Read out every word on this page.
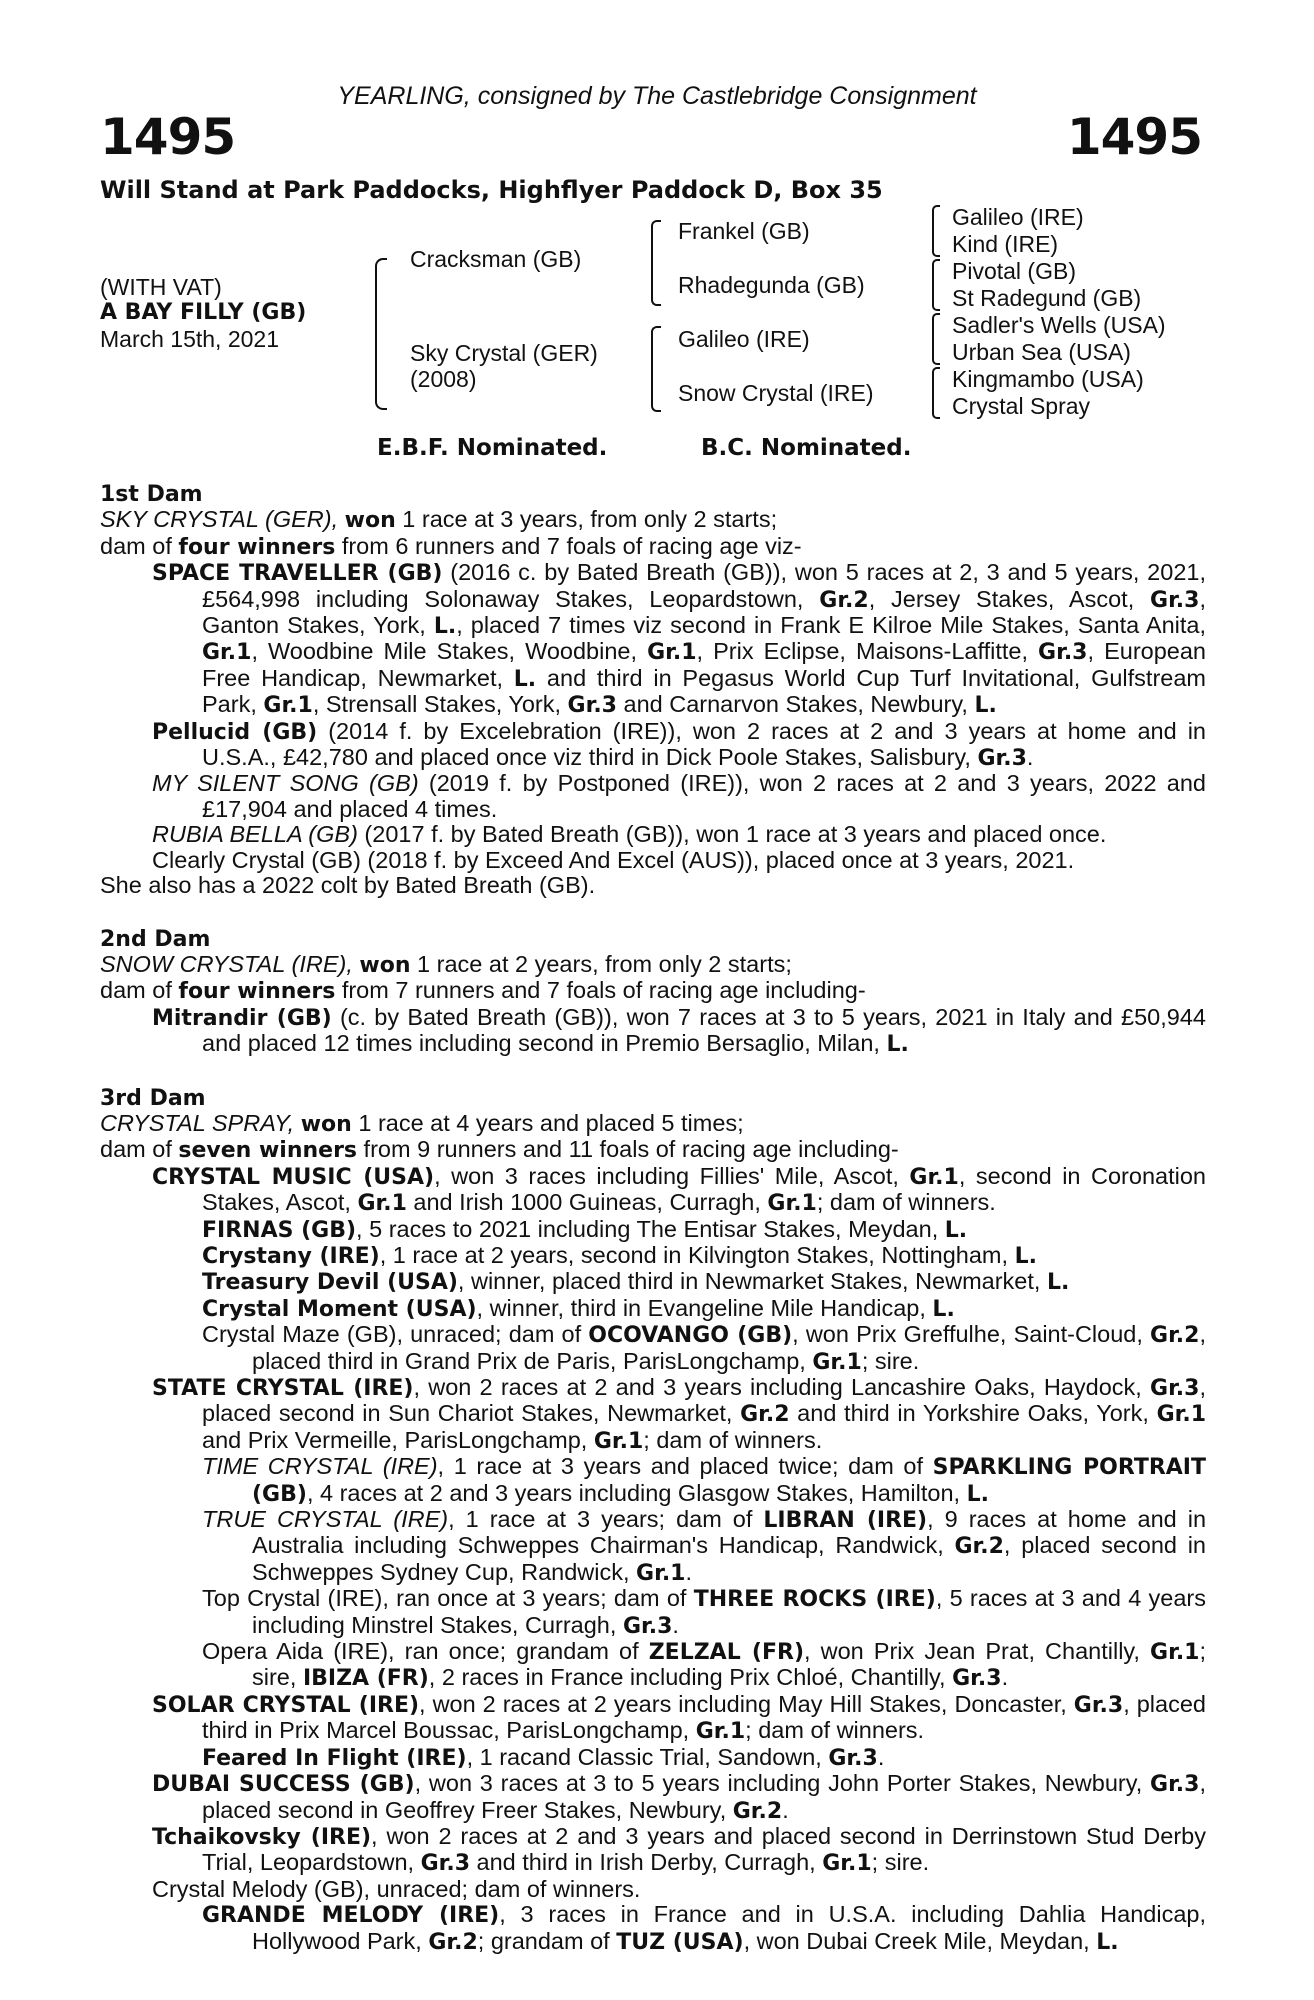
YEARLING, consigned by The Castlebridge Consignment
1495	1495
Will Stand at Park Paddocks, Highflyer Paddock D, Box 35
(WITH VAT)
A BAY FILLY (GB)
March 15th, 2021
Cracksman (GB)
Sky Crystal (GER)
(2008)
Frankel (GB)
Rhadegunda (GB)
Galileo (IRE)
Snow Crystal (IRE)
Galileo (IRE)
Kind (IRE)
Pivotal (GB)
St Radegund (GB)
Sadler's Wells (USA)
Urban Sea (USA)
Kingmambo (USA)
Crystal Spray
E.B.F. Nominated.	B.C. Nominated.

1st Dam

SKY CRYSTAL (GER), won 1 race at 3 years, from only 2 starts;

dam of four winners from 6 runners and 7 foals of racing age viz-

SPACE TRAVELLER (GB) (2016 c. by Bated Breath (GB)), won 5 races at 2, 3 and 5 years, 2021, £564,998 including Solonaway Stakes, Leopardstown, Gr.2, Jersey Stakes, Ascot, Gr.3, Ganton Stakes, York, L., placed 7 times viz second in Frank E Kilroe Mile Stakes, Santa Anita, Gr.1, Woodbine Mile Stakes, Woodbine, Gr.1, Prix Eclipse, Maisons-Laffitte, Gr.3, European Free Handicap, Newmarket, L. and third in Pegasus World Cup Turf Invitational, Gulfstream Park, Gr.1, Strensall Stakes, York, Gr.3 and Carnarvon Stakes, Newbury, L.

Pellucid (GB) (2014 f. by Excelebration (IRE)), won 2 races at 2 and 3 years at home and in U.S.A., £42,780 and placed once viz third in Dick Poole Stakes, Salisbury, Gr.3.

MY SILENT SONG (GB) (2019 f. by Postponed (IRE)), won 2 races at 2 and 3 years, 2022 and £17,904 and placed 4 times.

RUBIA BELLA (GB) (2017 f. by Bated Breath (GB)), won 1 race at 3 years and placed once.

Clearly Crystal (GB) (2018 f. by Exceed And Excel (AUS)), placed once at 3 years, 2021.

She also has a 2022 colt by Bated Breath (GB).

2nd Dam

SNOW CRYSTAL (IRE), won 1 race at 2 years, from only 2 starts;

dam of four winners from 7 runners and 7 foals of racing age including-

Mitrandir (GB) (c. by Bated Breath (GB)), won 7 races at 3 to 5 years, 2021 in Italy and £50,944 and placed 12 times including second in Premio Bersaglio, Milan, L.

3rd Dam

CRYSTAL SPRAY, won 1 race at 4 years and placed 5 times;

dam of seven winners from 9 runners and 11 foals of racing age including-

CRYSTAL MUSIC (USA), won 3 races including Fillies' Mile, Ascot, Gr.1, second in Coronation Stakes, Ascot, Gr.1 and Irish 1000 Guineas, Curragh, Gr.1; dam of winners.

FIRNAS (GB), 5 races to 2021 including The Entisar Stakes, Meydan, L.

Crystany (IRE), 1 race at 2 years, second in Kilvington Stakes, Nottingham, L.

Treasury Devil (USA), winner, placed third in Newmarket Stakes, Newmarket, L.

Crystal Moment (USA), winner, third in Evangeline Mile Handicap, L.

Crystal Maze (GB), unraced; dam of OCOVANGO (GB), won Prix Greffulhe, Saint-Cloud, Gr.2, placed third in Grand Prix de Paris, ParisLongchamp, Gr.1; sire.

STATE CRYSTAL (IRE), won 2 races at 2 and 3 years including Lancashire Oaks, Haydock, Gr.3, placed second in Sun Chariot Stakes, Newmarket, Gr.2 and third in Yorkshire Oaks, York, Gr.1 and Prix Vermeille, ParisLongchamp, Gr.1; dam of winners.

TIME CRYSTAL (IRE), 1 race at 3 years and placed twice; dam of SPARKLING PORTRAIT (GB), 4 races at 2 and 3 years including Glasgow Stakes, Hamilton, L.

TRUE CRYSTAL (IRE), 1 race at 3 years; dam of LIBRAN (IRE), 9 races at home and in Australia including Schweppes Chairman's Handicap, Randwick, Gr.2, placed second in Schweppes Sydney Cup, Randwick, Gr.1.

Top Crystal (IRE), ran once at 3 years; dam of THREE ROCKS (IRE), 5 races at 3 and 4 years including Minstrel Stakes, Curragh, Gr.3.

Opera Aida (IRE), ran once; grandam of ZELZAL (FR), won Prix Jean Prat, Chantilly, Gr.1; sire, IBIZA (FR), 2 races in France including Prix Chloé, Chantilly, Gr.3.

SOLAR CRYSTAL (IRE), won 2 races at 2 years including May Hill Stakes, Doncaster, Gr.3, placed third in Prix Marcel Boussac, ParisLongchamp, Gr.1; dam of winners.

Feared In Flight (IRE), 1 racand Classic Trial, Sandown, Gr.3.

DUBAI SUCCESS (GB), won 3 races at 3 to 5 years including John Porter Stakes, Newbury, Gr.3, placed second in Geoffrey Freer Stakes, Newbury, Gr.2.

Tchaikovsky (IRE), won 2 races at 2 and 3 years and placed second in Derrinstown Stud Derby Trial, Leopardstown, Gr.3 and third in Irish Derby, Curragh, Gr.1; sire.

Crystal Melody (GB), unraced; dam of winners.

GRANDE MELODY (IRE), 3 races in France and in U.S.A. including Dahlia Handicap, Hollywood Park, Gr.2; grandam of TUZ (USA), won Dubai Creek Mile, Meydan, L.
